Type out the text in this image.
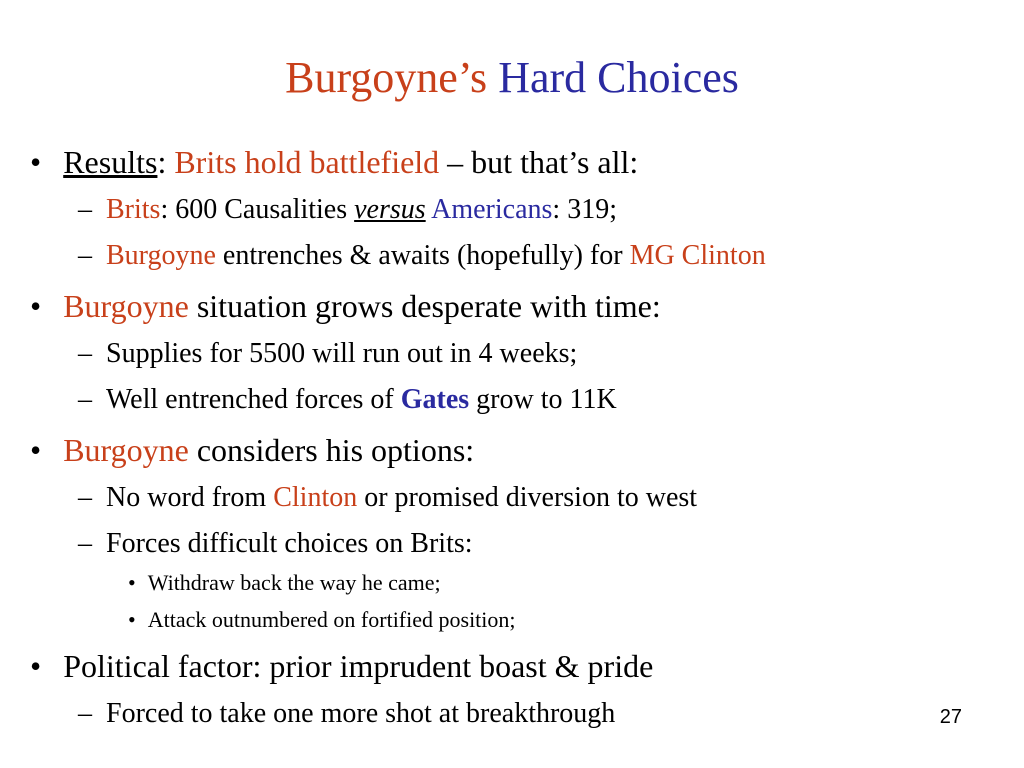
Burgoyne’s Hard Choices
• Results: Brits hold battlefield – but that’s all:
– Brits: 600 Causalities versus Americans: 319;
– Burgoyne entrenches & awaits (hopefully) for MG Clinton
• Burgoyne situation grows desperate with time:
– Supplies for 5500 will run out in 4 weeks;
– Well entrenched forces of Gates grow to 11K
• Burgoyne considers his options:
– No word from Clinton or promised diversion to west
– Forces difficult choices on Brits:
• Withdraw back the way he came;
• Attack outnumbered on fortified position;
• Political factor: prior imprudent boast & pride
– Forced to take one more shot at breakthrough	27
